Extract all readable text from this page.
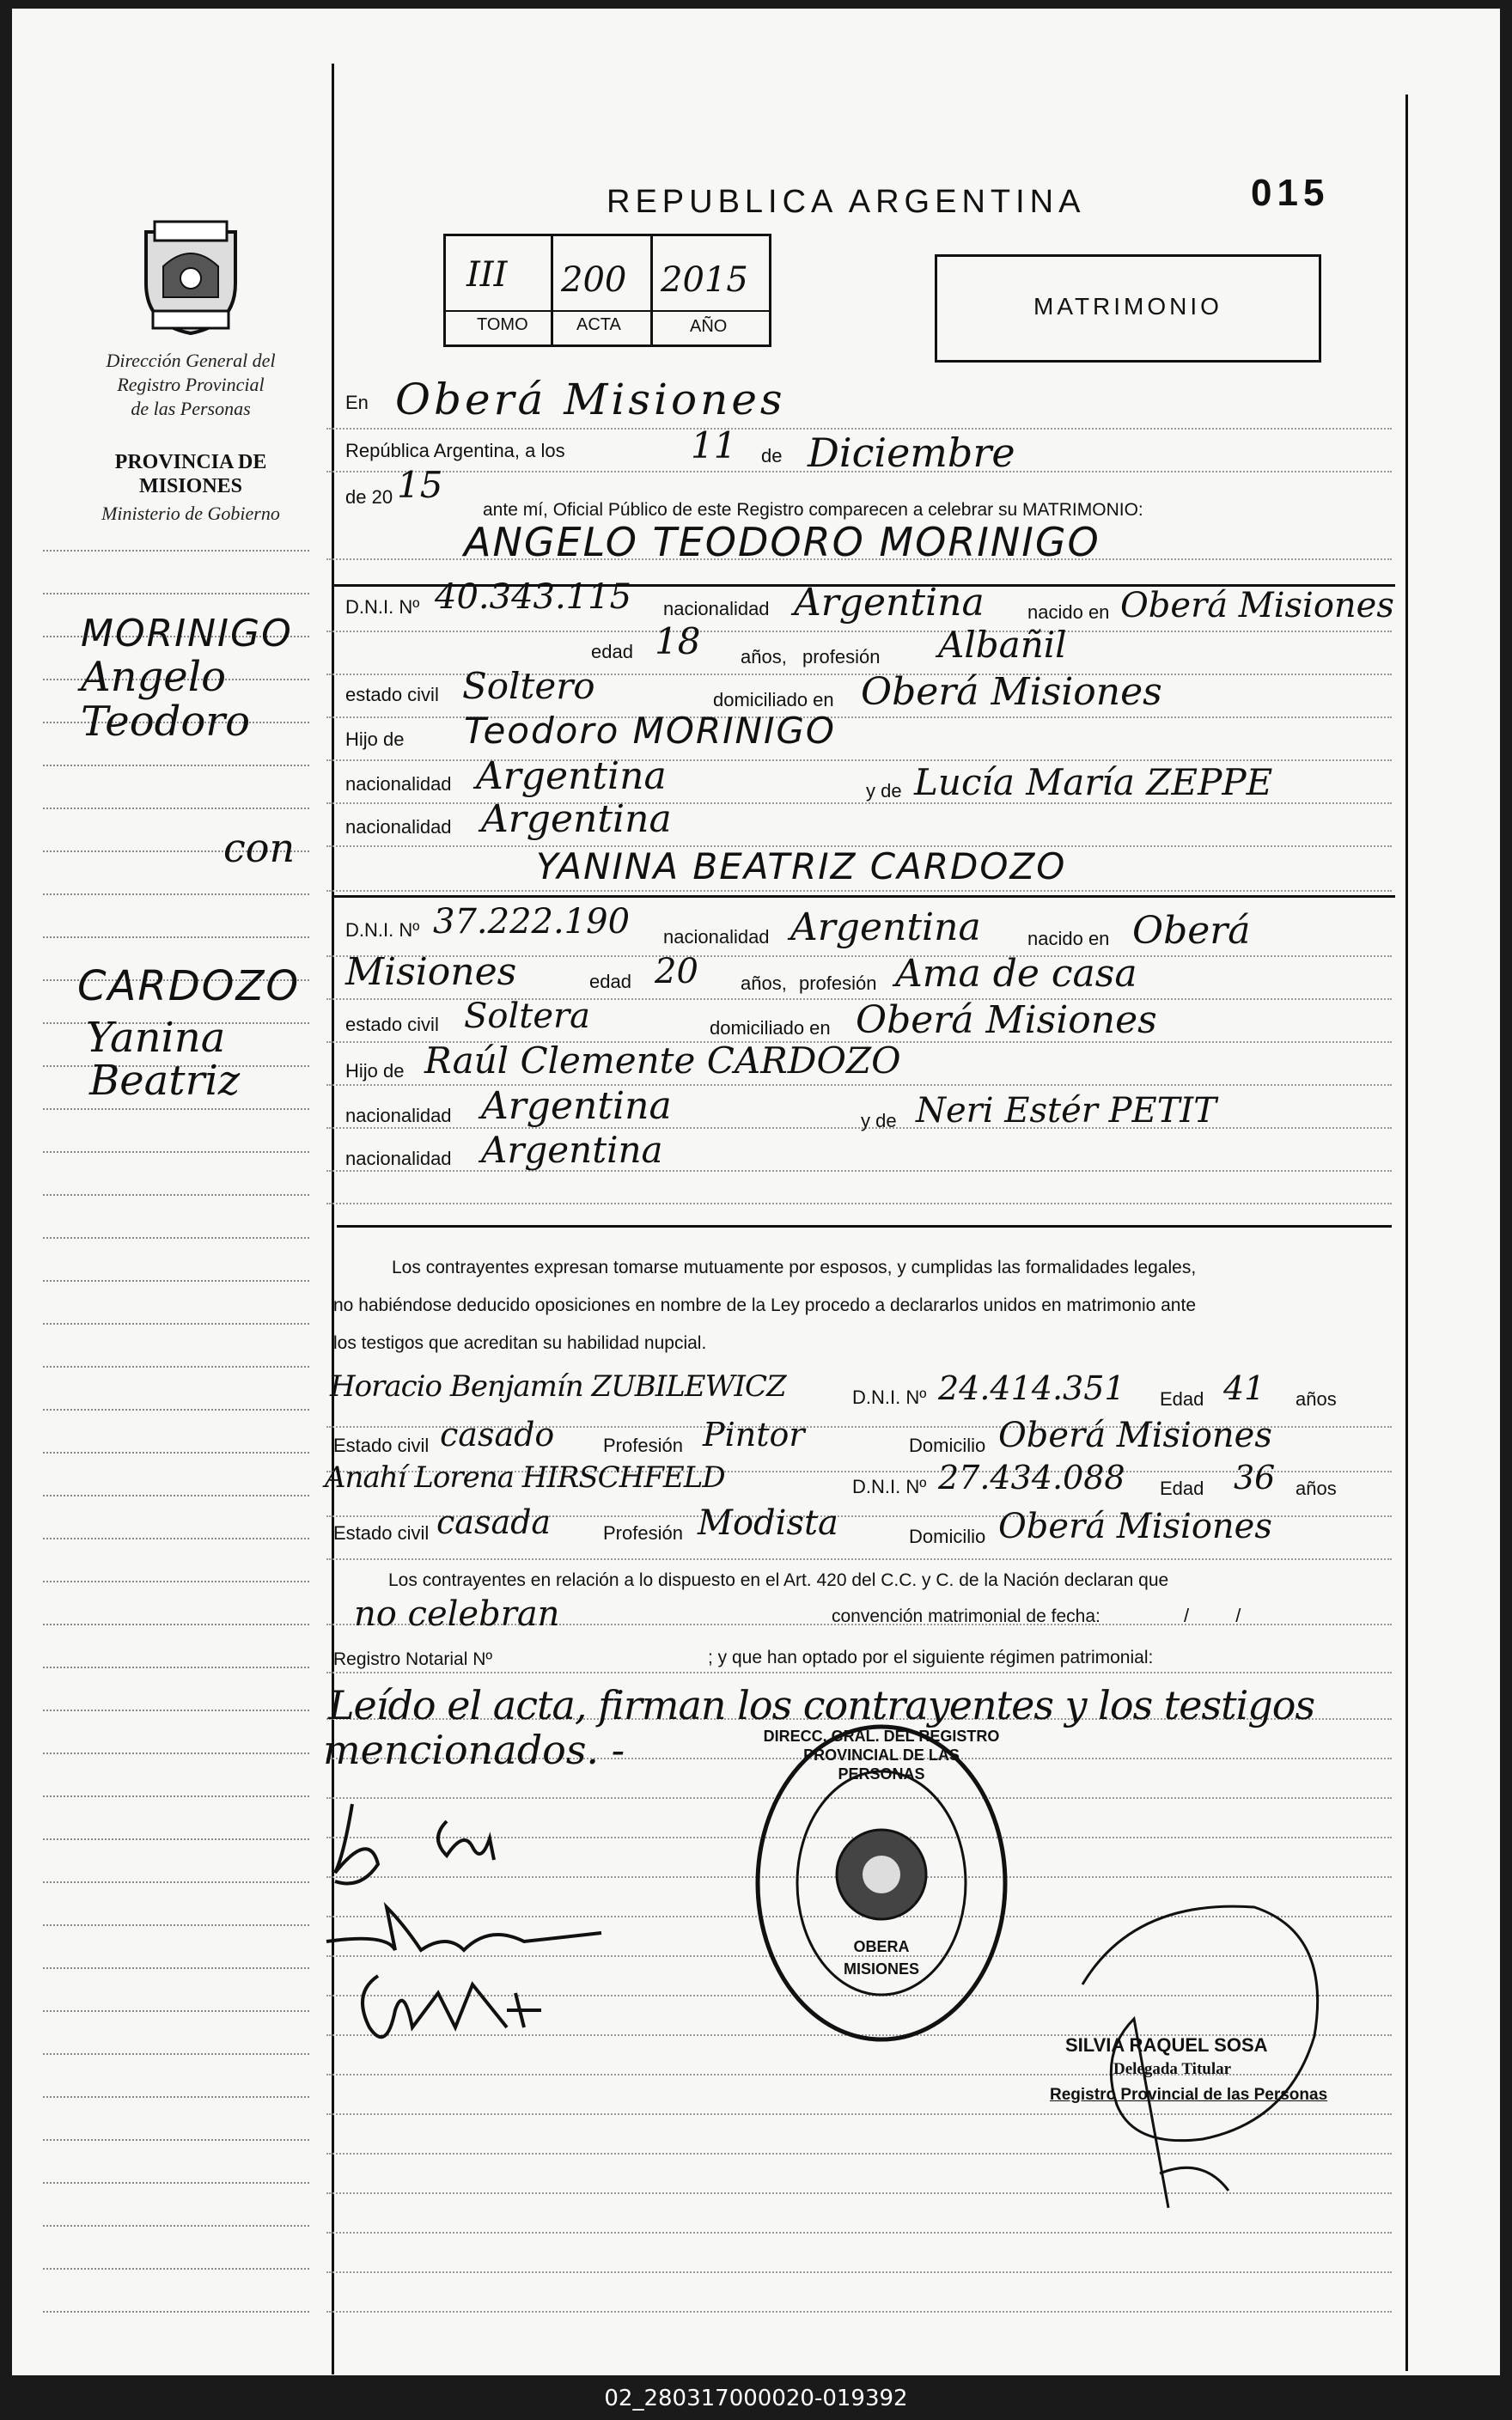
REPUBLICA ARGENTINA	015
III 200 2015
TOMO	ACTA	AÑO
MATRIMONIO
Dirección General del
Registro Provincial
de las Personas
PROVINCIA DE
MISIONES
Ministerio de Gobierno
MORINIGO
Angelo
Teodoro
con
CARDOZO
Yanina
Beatriz
En Oberá Misiones
República Argentina, a los	11 de Diciembre
de 20 15
ante mí, Oficial Público de este Registro comparecen a celebrar su MATRIMONIO:
ANGELO TEODORO MORINIGO
D.N.I. Nº 40.343.115 nacionalidad Argentina nacido en Oberá Misiones
edad 18 años, profesión Albañil
estado civil Soltero	domiciliado en Oberá Misiones
Hijo de Teodoro MORINIGO
nacionalidad Argentina	y de Lucía María ZEPPE
nacionalidad Argentina
YANINA BEATRIZ CARDOZO
D.N.I. Nº 37.222.190 nacionalidad Argentina nacido en Oberá
Misiones	edad 20 años, profesión Ama de casa
estado civil Soltera	domiciliado en Oberá Misiones
Hijo de Raúl Clemente CARDOZO
nacionalidad Argentina	y de Neri Estér PETIT
nacionalidad Argentina
Los contrayentes expresan tomarse mutuamente por esposos, y cumplidas las formalidades legales,
no habiéndose deducido oposiciones en nombre de la Ley procedo a declararlos unidos en matrimonio ante
los testigos que acreditan su habilidad nupcial.
Horacio Benjamín ZUBILEWICZ	D.N.I. Nº 24.414.351 Edad 41 años
Estado civil casado	Profesión Pintor	Domicilio Oberá Misiones
Anahí Lorena HIRSCHFELD	D.N.I. Nº 27.434.088 Edad 36 años
Estado civil casada	Profesión Modista	Domicilio Oberá Misiones
Los contrayentes en relación a lo dispuesto en el Art. 420 del C.C. y C. de la Nación declaran que
no celebran	convención matrimonial de fecha:	/ /
Registro Notarial Nº	; y que han optado por el siguiente régimen patrimonial:
Leído el acta, firman los contrayentes y los testigos
mencionados. -	DIRECC. GRAL. DEL REGISTRO PROVINCIAL DE LAS PERSONAS
OBERA
MISIONES
SILVIA RAQUEL SOSA
Delegada Titular
Registro Provincial de las Personas
02_280317000020-019392
